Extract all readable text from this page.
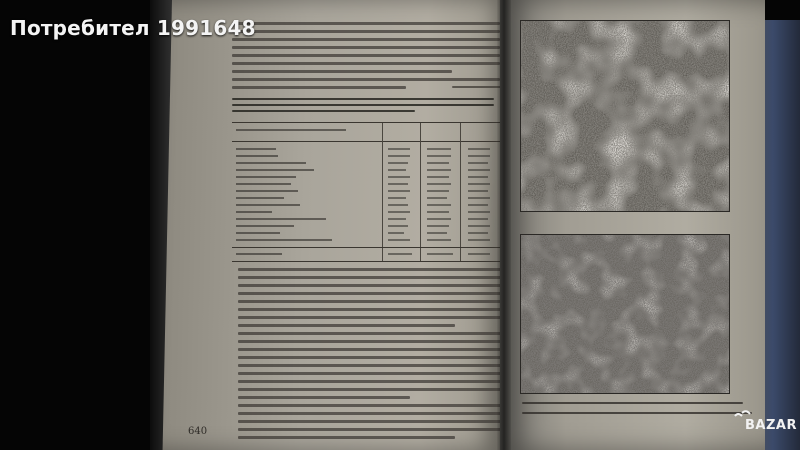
640
Потребител 1991648
BAZAR
